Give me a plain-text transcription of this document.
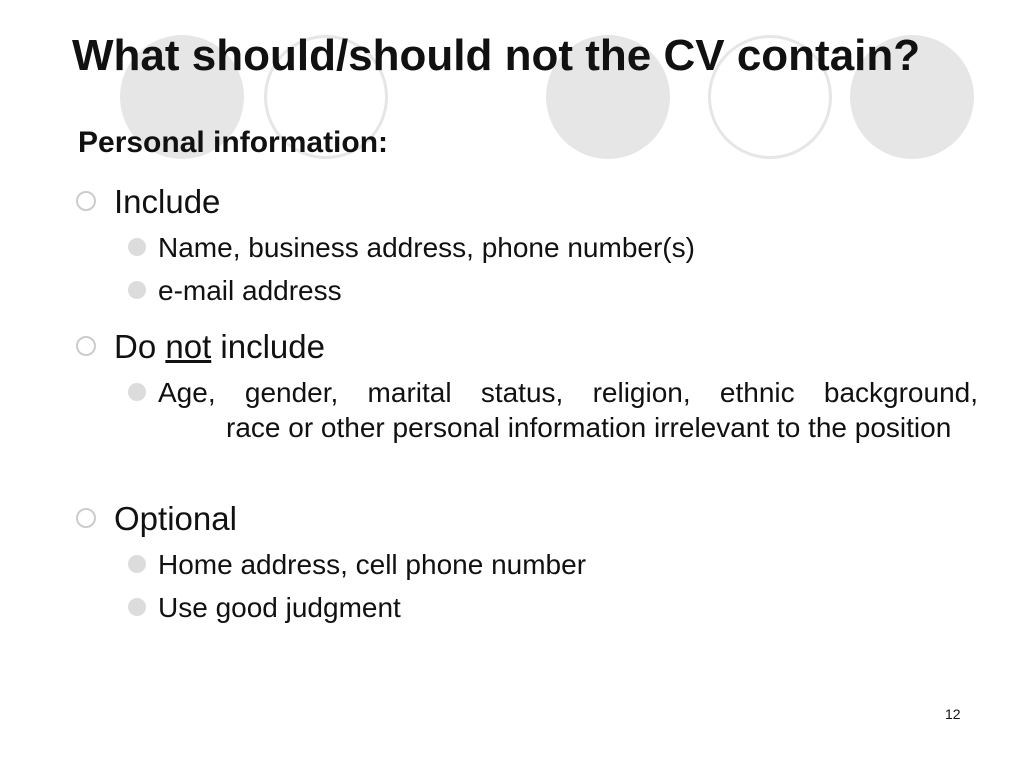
What should/should not the CV contain?
Personal information:
Include
Name, business address, phone number(s)
e-mail address
Do not include
Age, gender, marital status, religion, ethnic background,
race or other personal information irrelevant to the position
Optional
Home address, cell phone number
Use good judgment
12
